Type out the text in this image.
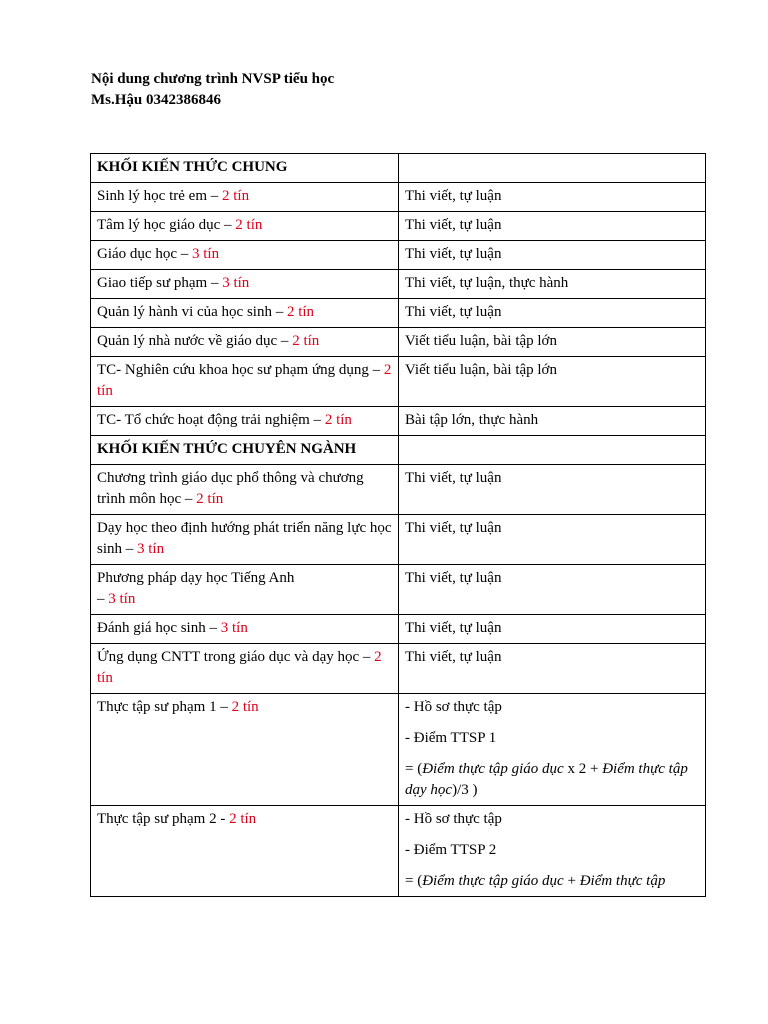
Nội dung chương trình NVSP tiểu học
Ms.Hậu 0342386846
KHỐI KIẾN THỨC CHUNG	
Sinh lý học trẻ em – 2 tín	Thi viết, tự luận
Tâm lý học giáo dục – 2 tín	Thi viết, tự luận
Giáo dục học – 3 tín	Thi viết, tự luận
Giao tiếp sư phạm – 3 tín	Thi viết, tự luận, thực hành
Quản lý hành vi của học sinh – 2 tín	Thi viết, tự luận
Quản lý nhà nước về giáo dục – 2 tín	Viết tiểu luận, bài tập lớn
TC- Nghiên cứu khoa học sư phạm ứng dụng – 2 tín	Viết tiểu luận, bài tập lớn
TC- Tổ chức hoạt động trải nghiệm – 2 tín	Bài tập lớn, thực hành
KHỐI KIẾN THỨC CHUYÊN NGÀNH	
Chương trình giáo dục phổ thông và chương trình môn học – 2 tín	Thi viết, tự luận
Dạy học theo định hướng phát triển năng lực học sinh – 3 tín	Thi viết, tự luận
Phương pháp dạy học Tiếng Anh
– 3 tín	Thi viết, tự luận
Đánh giá học sinh – 3 tín	Thi viết, tự luận
Ứng dụng CNTT trong giáo dục và dạy học – 2 tín	Thi viết, tự luận
Thực tập sư phạm 1 – 2 tín	- Hồ sơ thực tập
- Điểm TTSP 1
= (Điểm thực tập giáo dục x 2 + Điểm thực tập dạy học)/3 )

Thực tập sư phạm 2 - 2 tín	- Hồ sơ thực tập
- Điểm TTSP 2
= (Điểm thực tập giáo dục + Điểm thực tập
